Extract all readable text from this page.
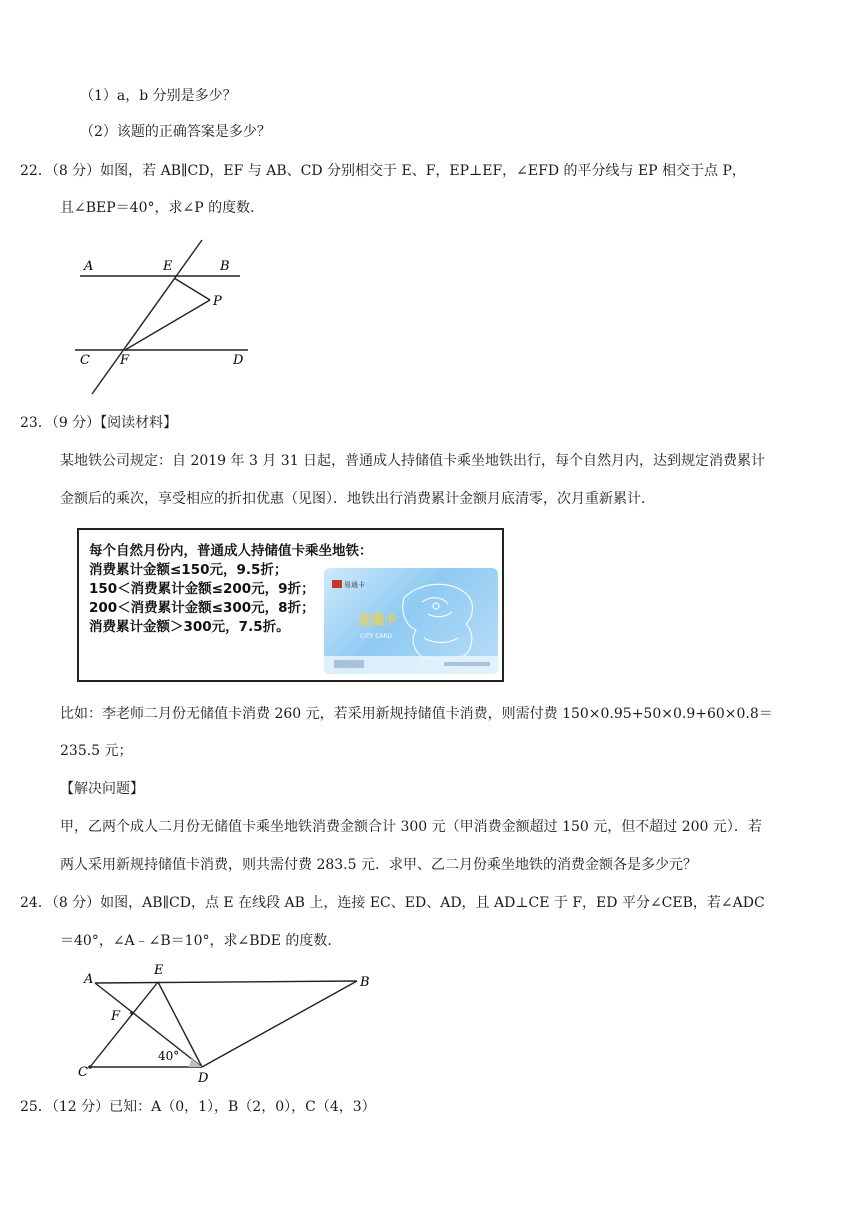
（1）a，b 分别是多少？
（2）该题的正确答案是多少？
22．（8 分）如图，若 AB∥CD，EF 与 AB、CD 分别相交于 E、F，EP⊥EF，∠EFD 的平分线与 EP 相交于点 P，
且∠BEP＝40°，求∠P 的度数．
A	E	B
P
C F	D
23．（9 分）【阅读材料】
某地铁公司规定：自 2019 年 3 月 31 日起，普通成人持储值卡乘坐地铁出行，每个自然月内，达到规定消费累计
金额后的乘次，享受相应的折扣优惠（见图）．地铁出行消费累计金额月底清零，次月重新累计．
每个自然月份内，普通成人持储值卡乘坐地铁：
消费累计金额≤150元，9.5折；
150＜消费累计金额≤200元，9折；
200＜消费累计金额≤300元，8折；
消费累计金额＞300元，7.5折。
易通卡
金通卡
CITY CARD
比如：李老师二月份无储值卡消费 260 元，若采用新规持储值卡消费，则需付费 150×0.95+50×0.9+60×0.8＝
235.5 元；
【解决问题】
甲，乙两个成人二月份无储值卡乘坐地铁消费金额合计 300 元（甲消费金额超过 150 元，但不超过 200 元）．若
两人采用新规持储值卡消费，则共需付费 283.5 元．求甲、乙二月份乘坐地铁的消费金额各是多少元？
24．（8 分）如图，AB∥CD，点 E 在线段 AB 上，连接 EC、ED、AD，且 AD⊥CE 于 F，ED 平分∠CEB，若∠ADC
＝40°，∠A﹣∠B＝10°，求∠BDE 的度数．
A
E
B
F
C	D
40°
25．（12 分）已知：A（0，1），B（2，0），C（4，3）
